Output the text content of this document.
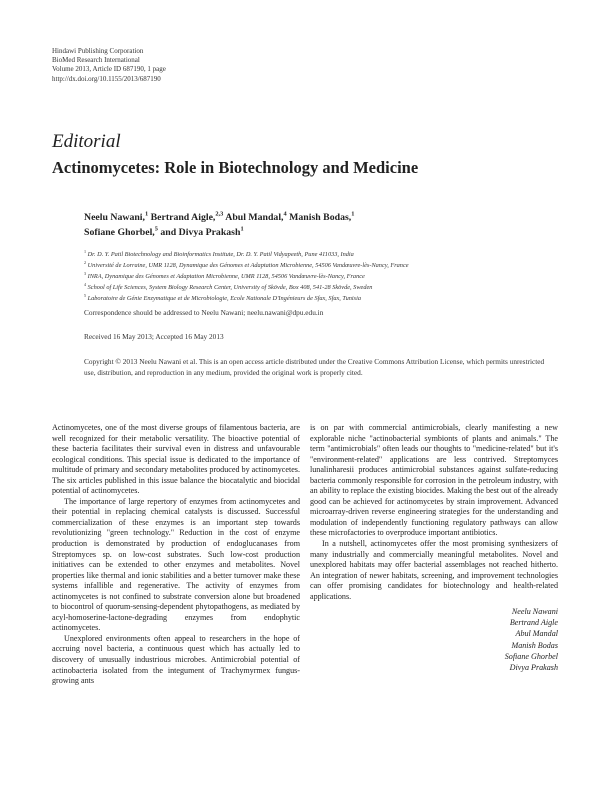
Hindawi Publishing Corporation
BioMed Research International
Volume 2013, Article ID 687190, 1 page
http://dx.doi.org/10.1155/2013/687190
Editorial
Actinomycetes: Role in Biotechnology and Medicine
Neelu Nawani,$^1$ Bertrand Aigle,$^{2,3}$ Abul Mandal,$^4$ Manish Bodas,$^1$
Sofiane Ghorbel,$^5$ and Divya Prakash$^1$
$^1$ Dr. D. Y. Patil Biotechnology and Bioinformatics Institute, Dr. D. Y. Patil Vidyapeeth, Pune 411033, India
$^2$ Université de Lorraine, UMR 1128, Dynamique des Génomes et Adaptation Microbienne, 54506 Vandœuvre-lès-Nancy, France
$^3$ INRA, Dynamique des Génomes et Adaptation Microbienne, UMR 1128, 54506 Vandœuvre-lès-Nancy, France
$^4$ School of Life Sciences, System Biology Research Center, University of Skövde, Box 408, 541-28 Skövde, Sweden
$^5$ Laboratoire de Génie Enzymatique et de Microbiologie, Ecole Nationale D'Ingénieurs de Sfax, Sfax, Tunisia
Correspondence should be addressed to Neelu Nawani; neelu.nawani@dpu.edu.in
Received 16 May 2013; Accepted 16 May 2013
Copyright © 2013 Neelu Nawani et al. This is an open access article distributed under the Creative Commons Attribution License, which permits unrestricted use, distribution, and reproduction in any medium, provided the original work is properly cited.

Actinomycetes, one of the most diverse groups of filamentous bacteria, are well recognized for their metabolic versatility. The bioactive potential of these bacteria facilitates their survival even in distress and unfavourable ecological conditions. This special issue is dedicated to the importance of multitude of primary and secondary metabolites produced by actinomycetes. The six articles published in this issue balance the biocatalytic and biocidal potential of actinomycetes.

The importance of large repertory of enzymes from actinomycetes and their potential in replacing chemical catalysts is discussed. Successful commercialization of these enzymes is an important step towards revolutionizing "green technology." Reduction in the cost of enzyme production is demonstrated by production of endoglucanases from Streptomyces sp. on low-cost substrates. Such low-cost production initiatives can be extended to other enzymes and metabolites. Novel properties like thermal and ionic stabilities and a better turnover make these systems infallible and regenerative. The activity of enzymes from actinomycetes is not confined to substrate conversion alone but broadened to biocontrol of quorum-sensing-dependent phytopathogens, as mediated by acyl-homoserine-lactone-degrading enzymes from endophytic actinomycetes.

Unexplored environments often appeal to researchers in the hope of accruing novel bacteria, a continuous quest which has actually led to discovery of unusually industrious microbes. Antimicrobial potential of actinobacteria isolated from the integument of Trachymyrmex fungus-growing ants

is on par with commercial antimicrobials, clearly manifesting a new explorable niche "actinobacterial symbionts of plants and animals." The term "antimicrobials" often leads our thoughts to "medicine-related" but it's "environment-related" applications are less contrived. Streptomyces lunalinharesii produces antimicrobial substances against sulfate-reducing bacteria commonly responsible for corrosion in the petroleum industry, with an ability to replace the existing biocides. Making the best out of the already good can be achieved for actinomycetes by strain improvement. Advanced microarray-driven reverse engineering strategies for the understanding and modulation of independently functioning regulatory pathways can allow these microfactories to overproduce important antibiotics.

In a nutshell, actinomycetes offer the most promising synthesizers of many industrially and commercially meaningful metabolites. Novel and unexplored habitats may offer bacterial assemblages not reached hitherto. An integration of newer habitats, screening, and improvement technologies can offer promising candidates for biotechnology and health-related applications.

Neelu Nawani
Bertrand Aigle
Abul Mandal
Manish Bodas
Sofiane Ghorbel
Divya Prakash
